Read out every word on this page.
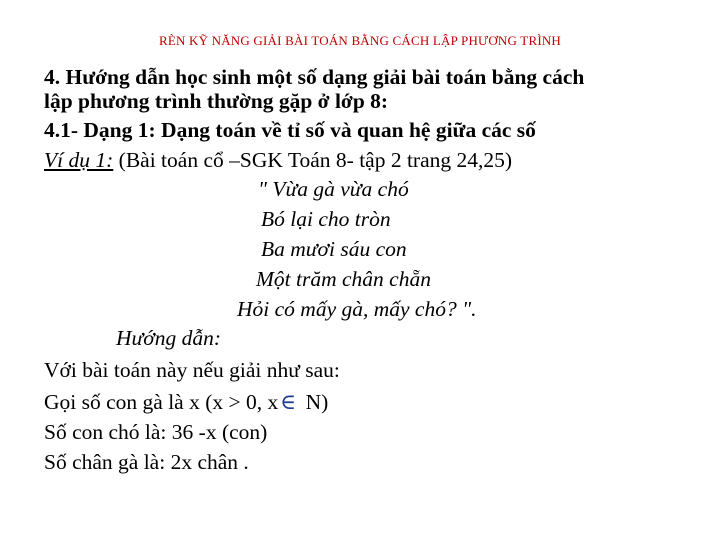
RÈN KỸ NĂNG GIẢI BÀI TOÁN BẰNG CÁCH LẬP PHƯƠNG TRÌNH
4. Hướng dẫn học sinh một số dạng giải bài toán bằng cách
lập phương trình thường gặp ở lớp 8:
4.1- Dạng 1: Dạng toán về tỉ số và quan hệ giữa các số
Ví dụ 1: (Bài toán cổ –SGK Toán 8- tập 2 trang 24,25)
" Vừa gà vừa chó
Bó lại cho tròn
Ba mươi sáu con
Một trăm chân chẵn
Hỏi có mấy gà, mấy chó? ".
Hướng dẫn:
Với bài toán này nếu giải như sau:
Gọi số con gà là x (x > 0, x∈ N)
Số con chó là: 36 -x (con)
Số chân gà là: 2x chân .
